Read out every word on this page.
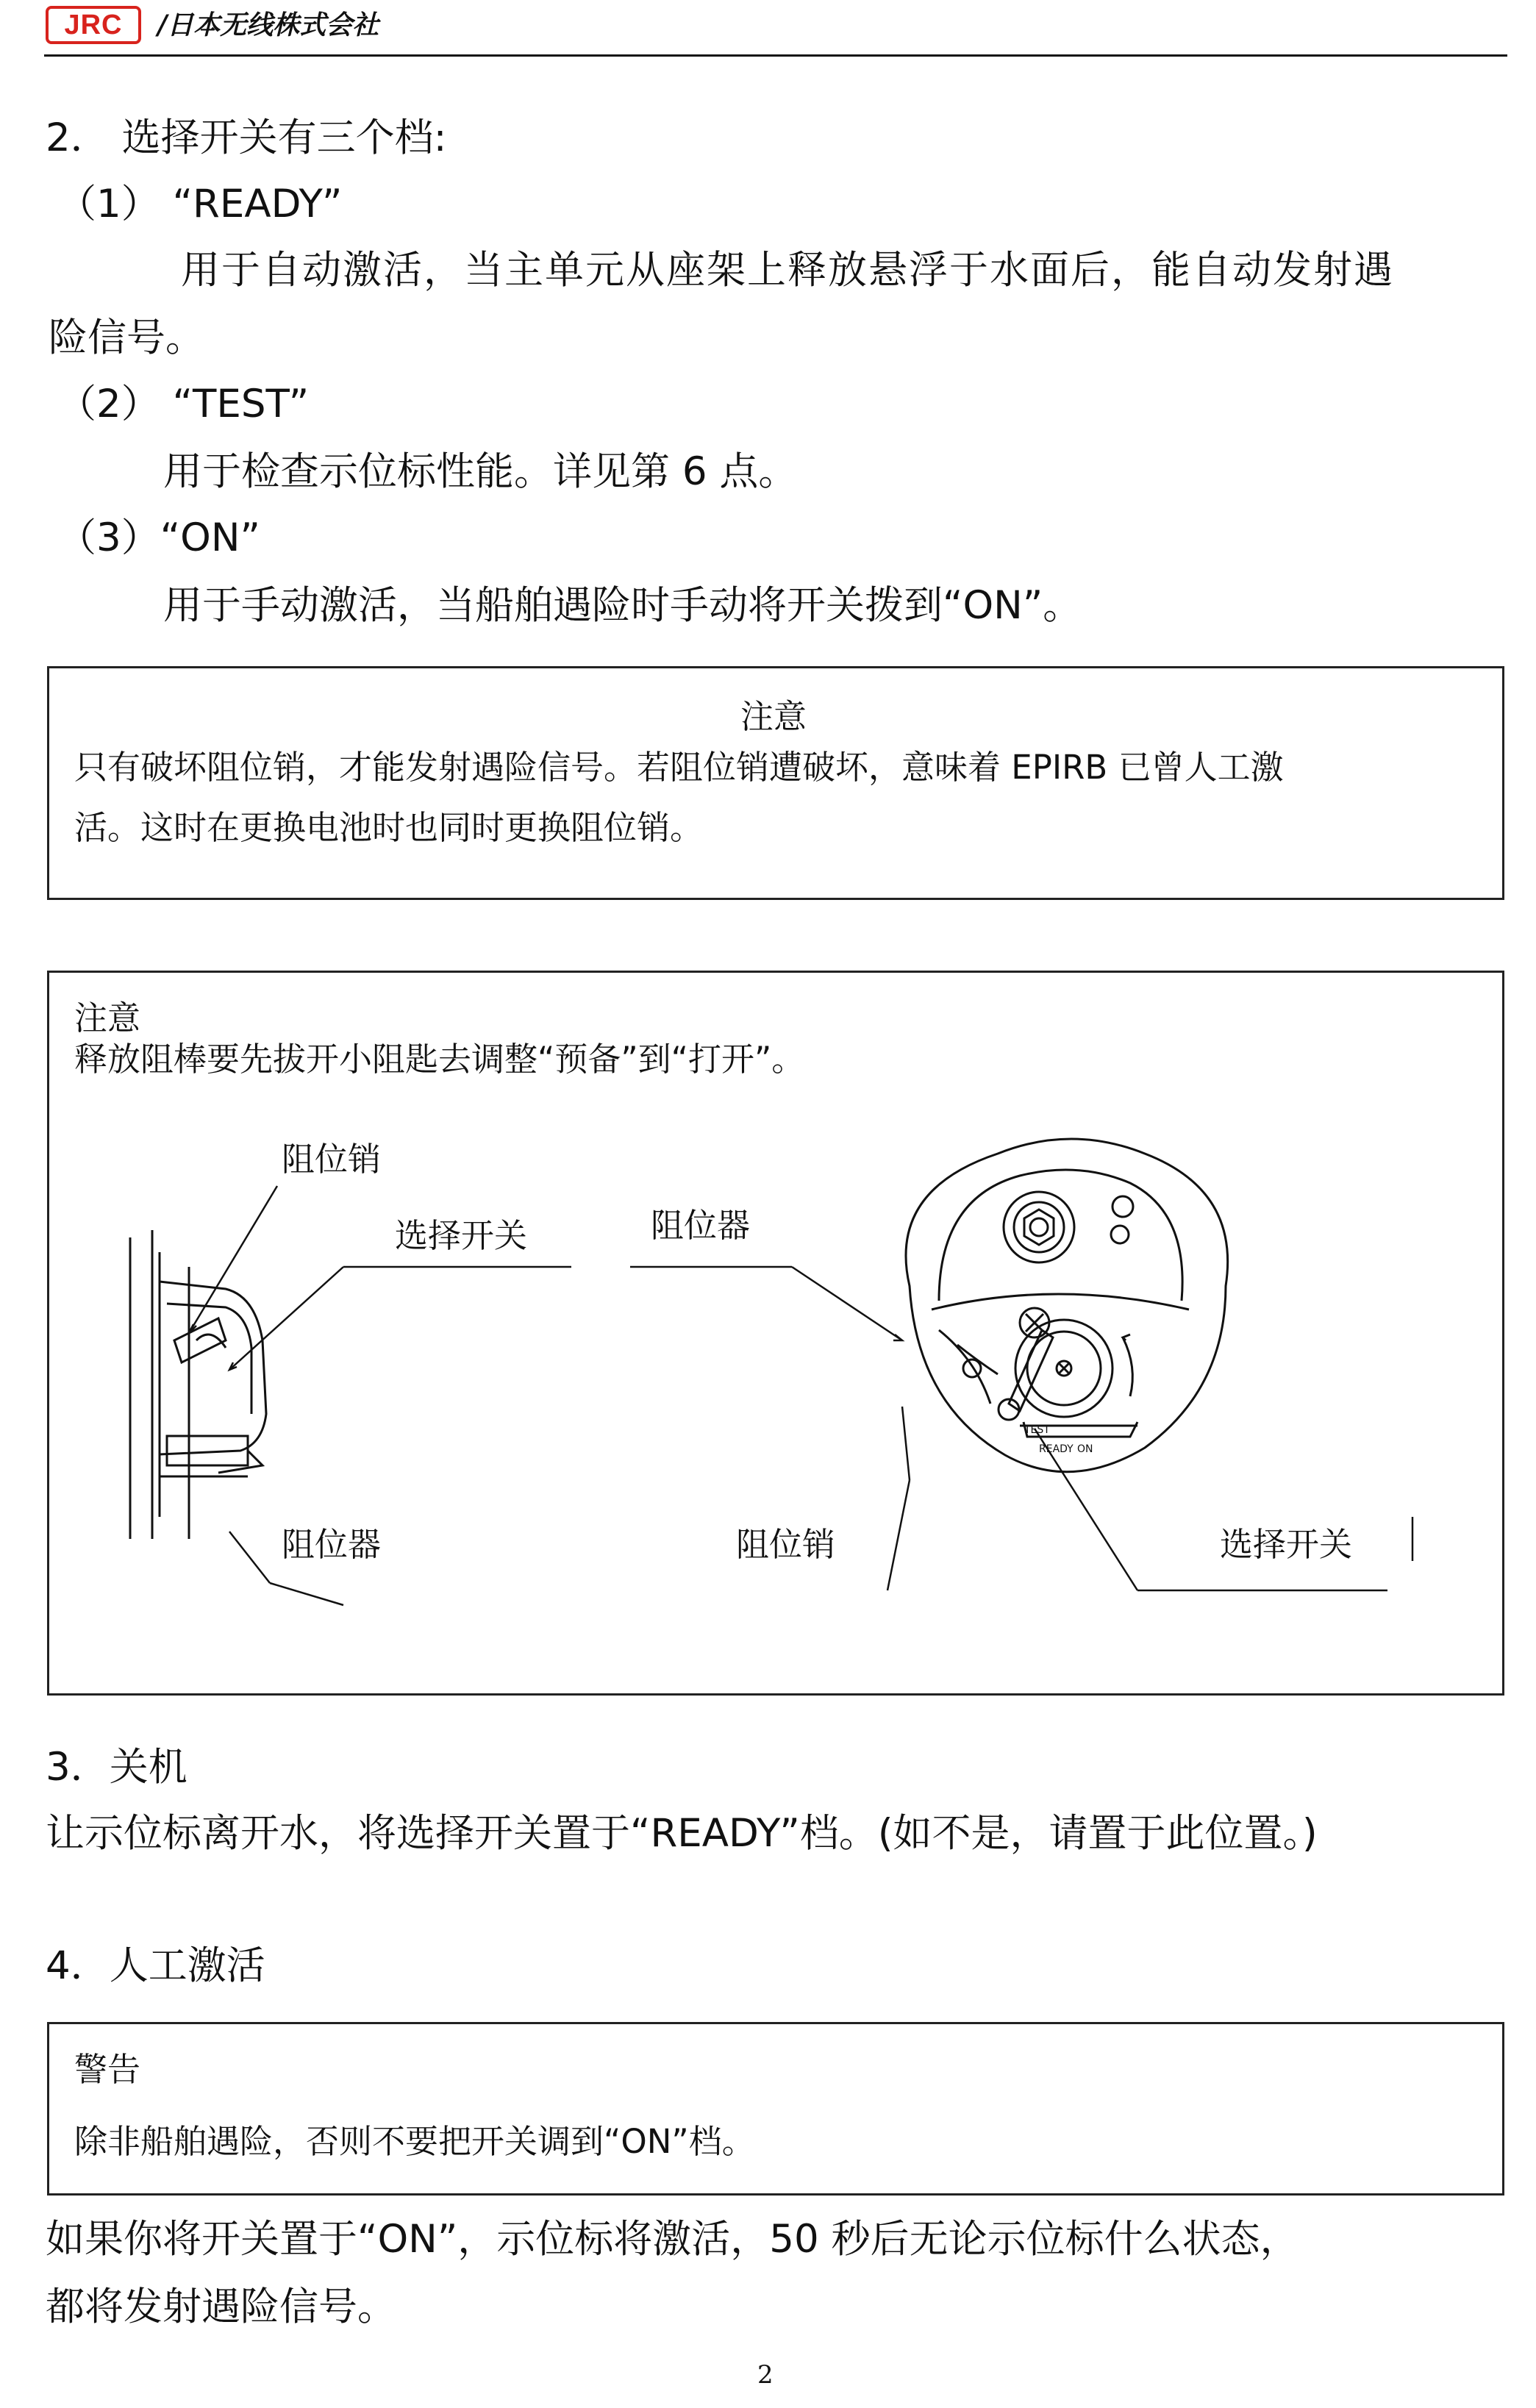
JRC	/日本无线株式会社
2． 选择开关有三个档:
（1） “READY”
用于自动激活，当主单元从座架上释放悬浮于水面后，能自动发射遇
险信号。
（2） “TEST”
用于检查示位标性能。详见第 6 点。
（3）“ON”
用于手动激活，当船舶遇险时手动将开关拨到“ON”。
注意
只有破坏阻位销，才能发射遇险信号。若阻位销遭破坏，意味着 EPIRB 已曾人工激
活。这时在更换电池时也同时更换阻位销。
注意
释放阻棒要先拔开小阻匙去调整“预备”到“打开”。
TEST
READY ON
阻位销
选择开关	阻位器
阻位器	阻位销	选择开关
3．关机
让示位标离开水，将选择开关置于“READY”档。(如不是，请置于此位置。)
4．人工激活
警告
除非船舶遇险，否则不要把开关调到“ON”档。
如果你将开关置于“ON”，示位标将激活，50 秒后无论示位标什么状态，
都将发射遇险信号。
2
